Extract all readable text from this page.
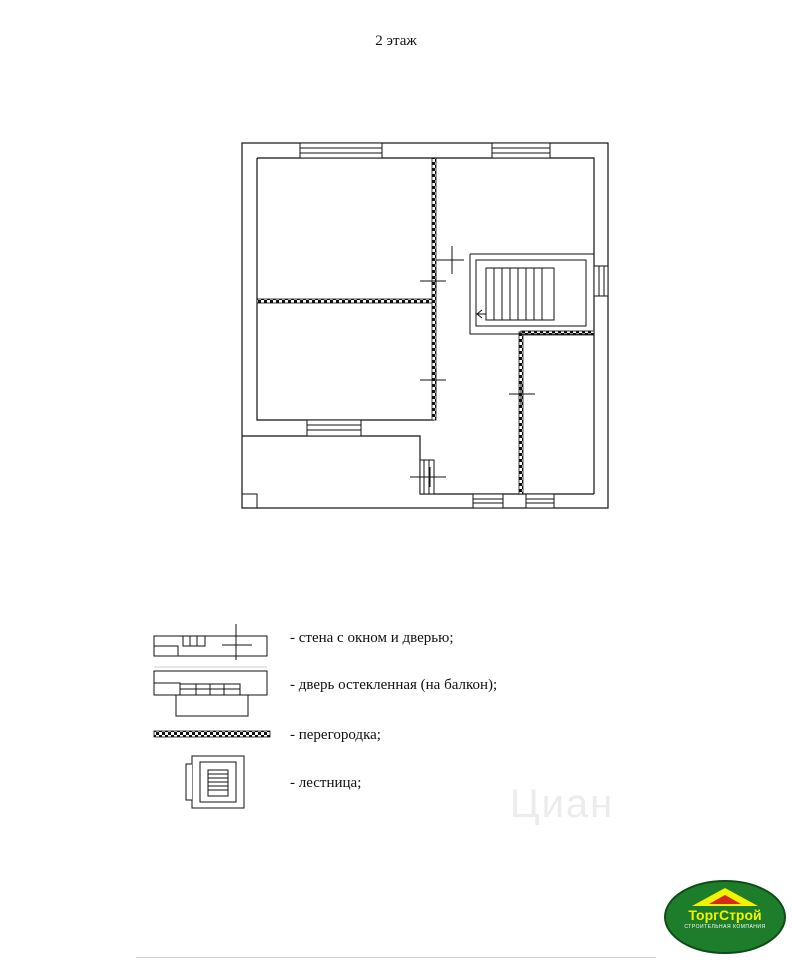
2 этаж
- стена с окном и дверью;
- дверь остекленная (на балкон);
- перегородка;
- лестница;	Циан
ТоргСтрой
СТРОИТЕЛЬНАЯ КОМПАНИЯ
